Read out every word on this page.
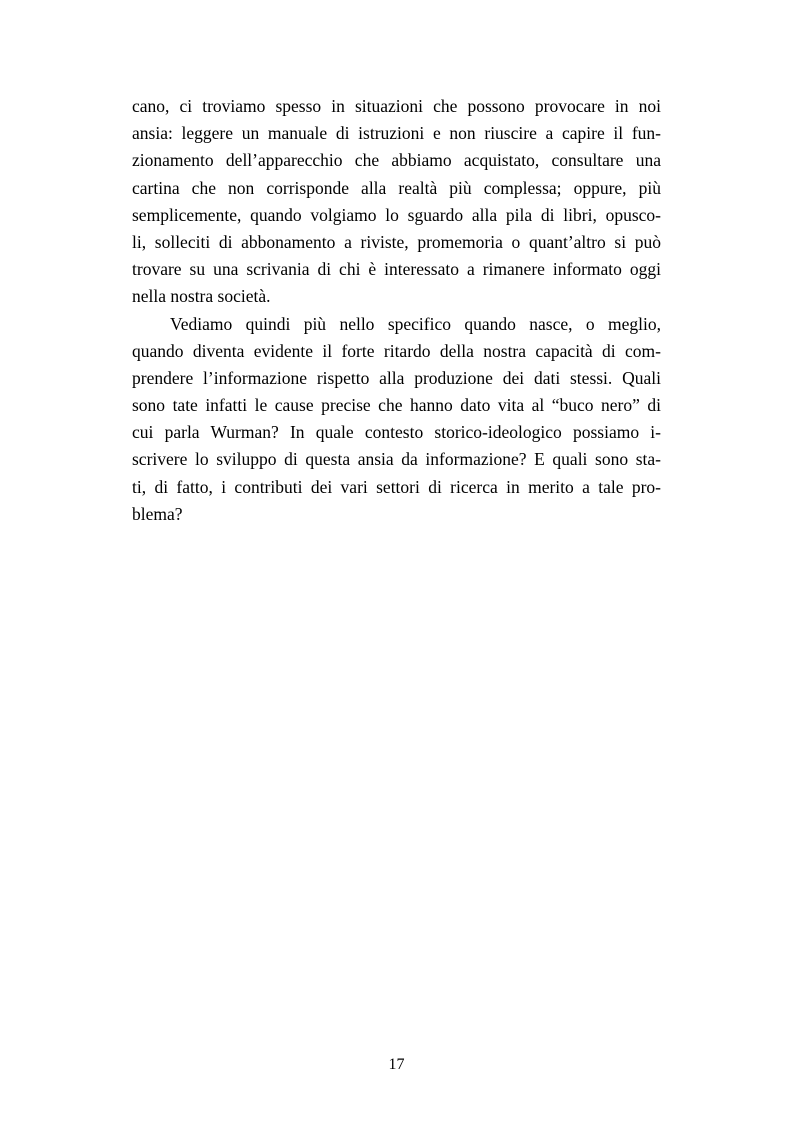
cano, ci troviamo spesso in situazioni che possono provocare in noi
ansia: leggere un manuale di istruzioni e non riuscire a capire il fun-
zionamento dell’apparecchio che abbiamo acquistato, consultare una
cartina che non corrisponde alla realtà più complessa; oppure, più
semplicemente, quando volgiamo lo sguardo alla pila di libri, opusco-
li, solleciti di abbonamento a riviste, promemoria o quant’altro si può
trovare su una scrivania di chi è interessato a rimanere informato oggi
nella nostra società.
Vediamo quindi più nello specifico quando nasce, o meglio,
quando diventa evidente il forte ritardo della nostra capacità di com-
prendere l’informazione rispetto alla produzione dei dati stessi. Quali
sono tate infatti le cause precise che hanno dato vita al “buco nero” di
cui parla Wurman? In quale contesto storico-ideologico possiamo i-
scrivere lo sviluppo di questa ansia da informazione? E quali sono sta-
ti, di fatto, i contributi dei vari settori di ricerca in merito a tale pro-
blema?
17
